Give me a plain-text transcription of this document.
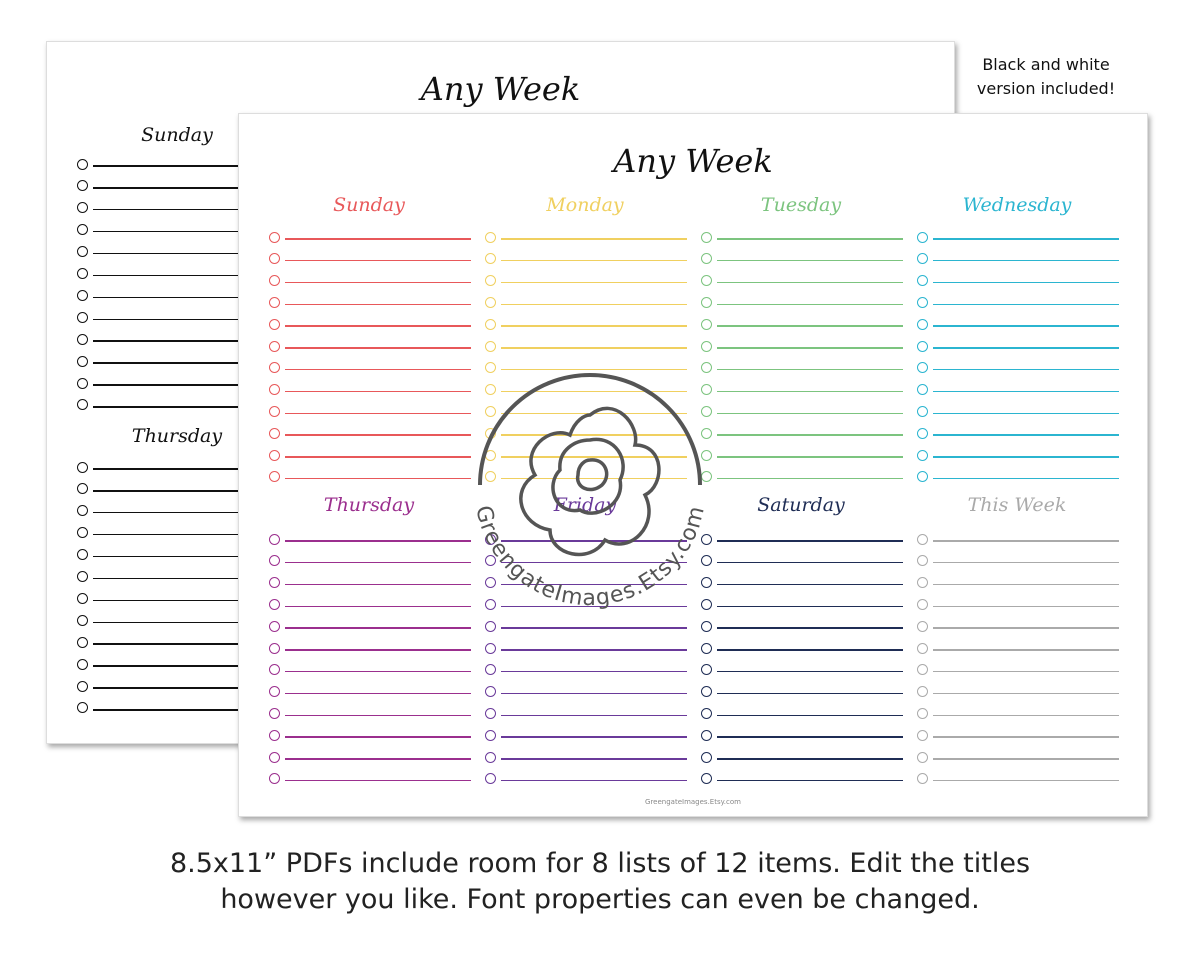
Any Week
Sunday
Thursday
Black and white version included!
Any Week
GreengateImages.Etsy.com
Sunday	Monday	Tuesday	Wednesday
Thursday	Friday	Saturday	This Week
GreengateImages.Etsy.com
8.5x11” PDFs include room for 8 lists of 12 items. Edit the titles
however you like. Font properties can even be changed.
